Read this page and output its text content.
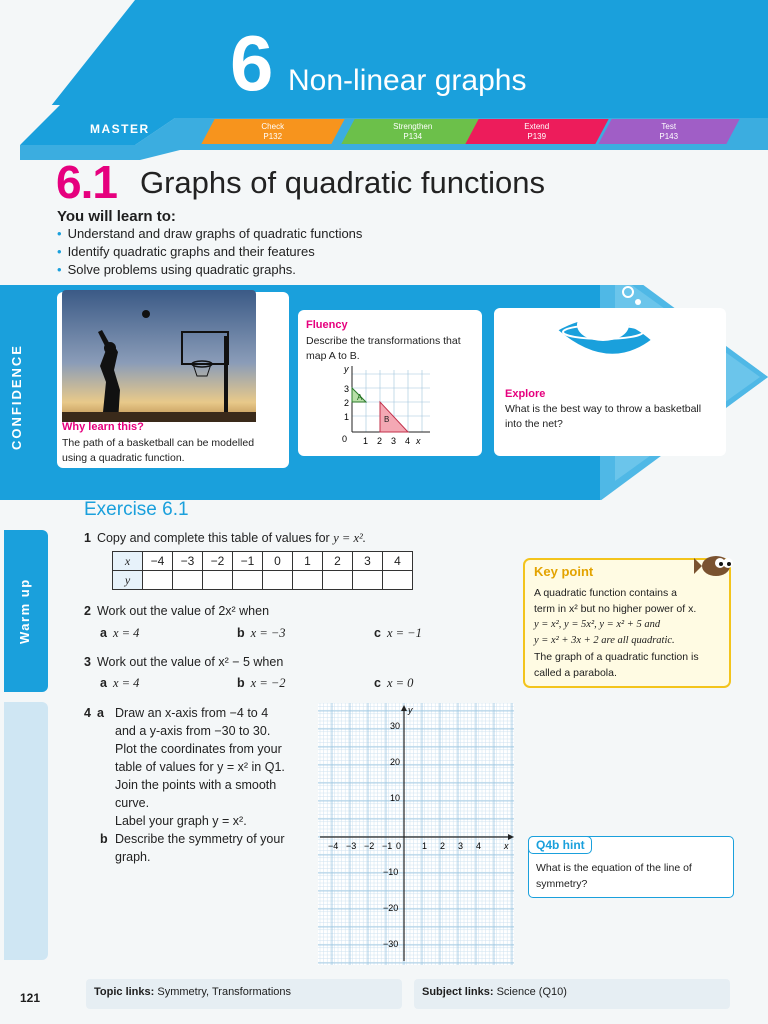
6 Non-linear graphs
MASTER	Check
P132
Strengthen
P134
Extend
P139
Test
P143
6.1 Graphs of quadratic functions
You will learn to:
• Understand and draw graphs of quadratic functions
• Identify quadratic graphs and their features
• Solve problems using quadratic graphs.
CONFIDENCE	Why learn this?
The path of a basketball can be modelled using a quadratic function.
Fluency
Describe the transformations that map A to B.
A
B
0 1 2 3 4 x
1
2
3
y
Explore
What is the best way to throw a basketball into the net?
Exercise 6.1
Warm up
1 Copy and complete this table of values for y = x².
x	−4	−3	−2	−1	0	1	2	3	4
y									
2 Work out the value of 2x² when
a x = 4	b x = −3	c x = −1
3 Work out the value of x² − 5 when
a x = 4	b x = −2	c x = 0
4 a Draw an x-axis from −4 to 4
and a y-axis from −30 to 30.
Plot the coordinates from your
table of values for y = x² in Q1.
Join the points with a smooth
curve.
Label your graph y = x².
b Describe the symmetry of your
graph.
y
x
0
−4 −3 −2 −1	1 2 3 4
30
20
10
−10
−20
−30
Key point
A quadratic function contains a
term in x² but no higher power of x.
y = x², y = 5x², y = x² + 5 and
y = x² + 3x + 2 are all quadratic.
The graph of a quadratic function is
called a parabola.
Q4b hint
What is the equation of the line of symmetry?
121	Topic links: Symmetry, Transformations	Subject links: Science (Q10)
